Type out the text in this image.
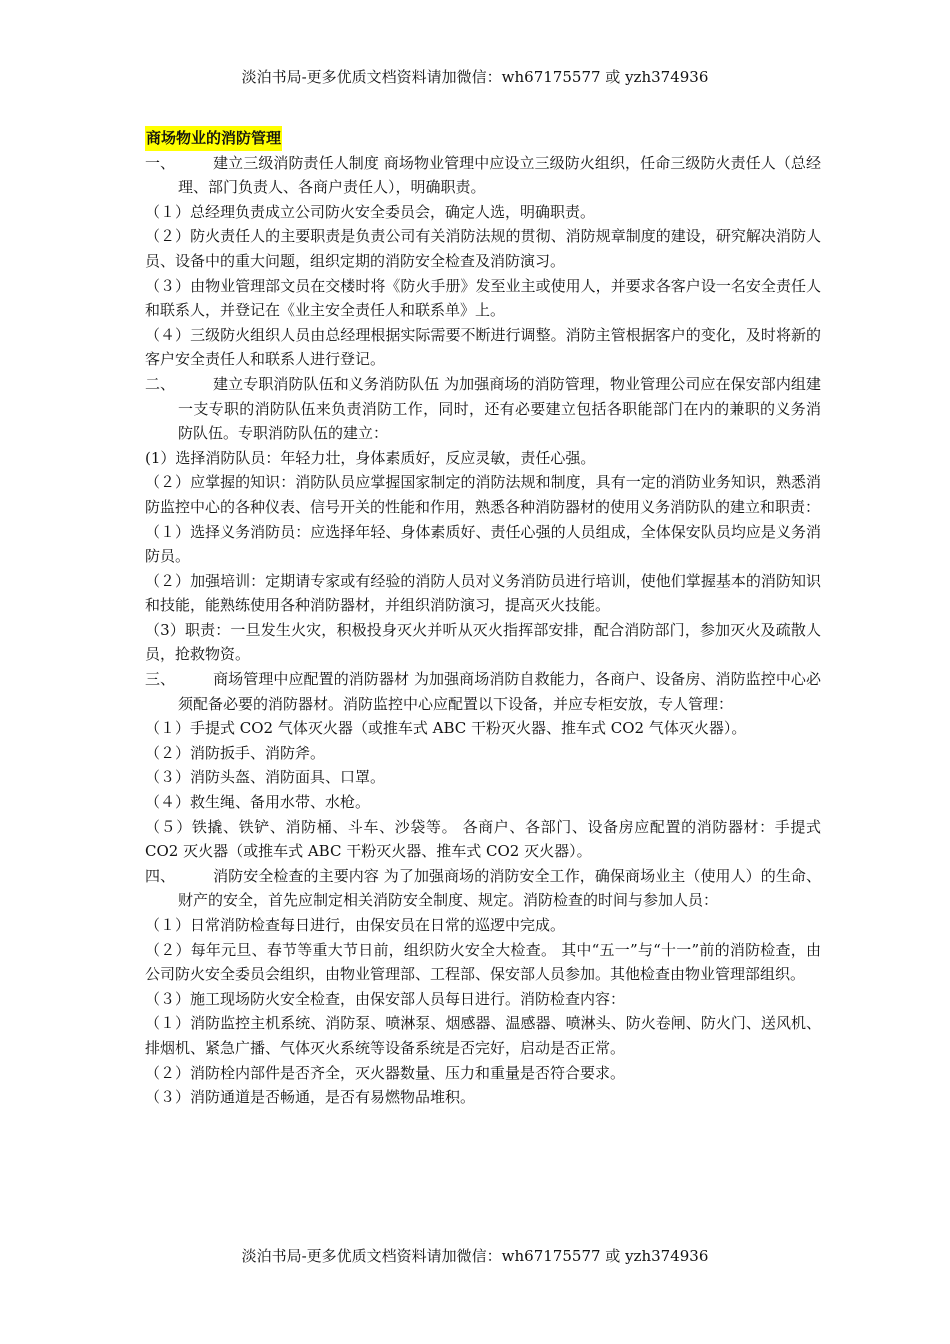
淡泊书局-更多优质文档资料请加微信：wh67175577 或 yzh374936
商场物业的消防管理

一、	建立三级消防责任人制度 商场物业管理中应设立三级防火组织，任命三级防火责任人（总经理、部门负责人、各商户责任人），明确职责。

（１）总经理负责成立公司防火安全委员会，确定人选，明确职责。

（２）防火责任人的主要职责是负责公司有关消防法规的贯彻、消防规章制度的建设，研究解决消防人员、设备中的重大问题，组织定期的消防安全检查及消防演习。

（３）由物业管理部文员在交楼时将《防火手册》发至业主或使用人，并要求各客户设一名安全责任人和联系人，并登记在《业主安全责任人和联系单》上。

（４）三级防火组织人员由总经理根据实际需要不断进行调整。消防主管根据客户的变化，及时将新的客户安全责任人和联系人进行登记。

二、	建立专职消防队伍和义务消防队伍 为加强商场的消防管理，物业管理公司应在保安部内组建一支专职的消防队伍来负责消防工作，同时，还有必要建立包括各职能部门在内的兼职的义务消防队伍。专职消防队伍的建立：

(1）选择消防队员：年轻力壮，身体素质好，反应灵敏，责任心强。

（２）应掌握的知识：消防队员应掌握国家制定的消防法规和制度，具有一定的消防业务知识，熟悉消防监控中心的各种仪表、信号开关的性能和作用，熟悉各种消防器材的使用义务消防队的建立和职责：

（１）选择义务消防员：应选择年轻、身体素质好、责任心强的人员组成，全体保安队员均应是义务消防员。

（２）加强培训：定期请专家或有经验的消防人员对义务消防员进行培训，使他们掌握基本的消防知识和技能，能熟练使用各种消防器材，并组织消防演习，提高灭火技能。

（3）职责：一旦发生火灾，积极投身灭火并听从灭火指挥部安排，配合消防部门，参加灭火及疏散人员，抢救物资。

三、	商场管理中应配置的消防器材 为加强商场消防自救能力，各商户、设备房、消防监控中心必须配备必要的消防器材。消防监控中心应配置以下设备，并应专柜安放，专人管理：

（１）手提式 CO2 气体灭火器（或推车式 ABC 干粉灭火器、推车式 CO2 气体灭火器）。

（２）消防扳手、消防斧。

（３）消防头盔、消防面具、口罩。

（４）救生绳、备用水带、水枪。

（５）铁撬、铁铲、消防桶、斗车、沙袋等。 各商户、各部门、设备房应配置的消防器材：手提式 CO2 灭火器（或推车式 ABC 干粉灭火器、推车式 CO2 灭火器）。

四、	消防安全检查的主要内容 为了加强商场的消防安全工作，确保商场业主（使用人）的生命、财产的安全，首先应制定相关消防安全制度、规定。消防检查的时间与参加人员：

（１）日常消防检查每日进行，由保安员在日常的巡逻中完成。

（２）每年元旦、春节等重大节日前，组织防火安全大检查。 其中“五一”与“十一”前的消防检查，由公司防火安全委员会组织，由物业管理部、工程部、保安部人员参加。其他检查由物业管理部组织。

（３）施工现场防火安全检查，由保安部人员每日进行。消防检查内容：

（１）消防监控主机系统、消防泵、喷淋泵、烟感器、温感器、喷淋头、防火卷闸、防火门、送风机、排烟机、紧急广播、气体灭火系统等设备系统是否完好，启动是否正常。

（２）消防栓内部件是否齐全，灭火器数量、压力和重量是否符合要求。

（３）消防通道是否畅通，是否有易燃物品堆积。

淡泊书局-更多优质文档资料请加微信：wh67175577 或 yzh374936
